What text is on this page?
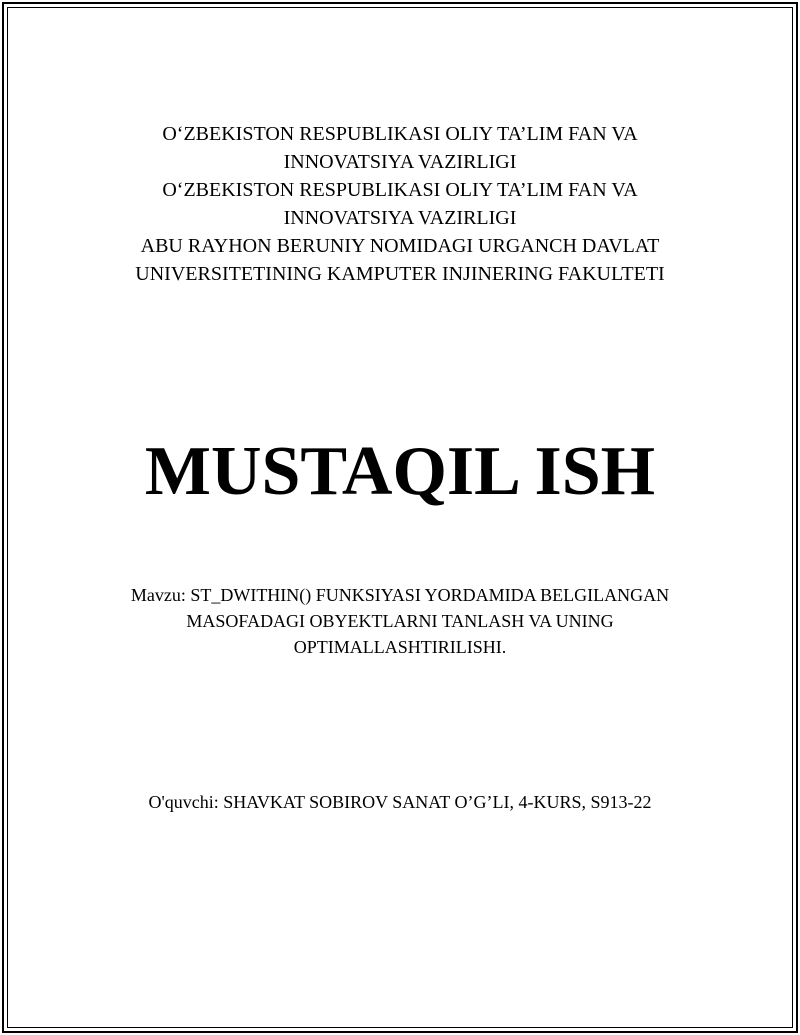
O‘ZBEKISTON RESPUBLIKASI OLIY TA’LIM FAN VA
INNOVATSIYA VAZIRLIGI
O‘ZBEKISTON RESPUBLIKASI OLIY TA’LIM FAN VA
INNOVATSIYA VAZIRLIGI
ABU RAYHON BERUNIY NOMIDAGI URGANCH DAVLAT
UNIVERSITETINING KAMPUTER INJINERING FAKULTETI
MUSTAQIL ISH
Mavzu: ST_DWITHIN() FUNKSIYASI YORDAMIDA BELGILANGAN
MASOFADAGI OBYEKTLARNI TANLASH VA UNING
OPTIMALLASHTIRILISHI.
O'quvchi: SHAVKAT SOBIROV SANAT O’G’LI, 4-KURS, S913-22
